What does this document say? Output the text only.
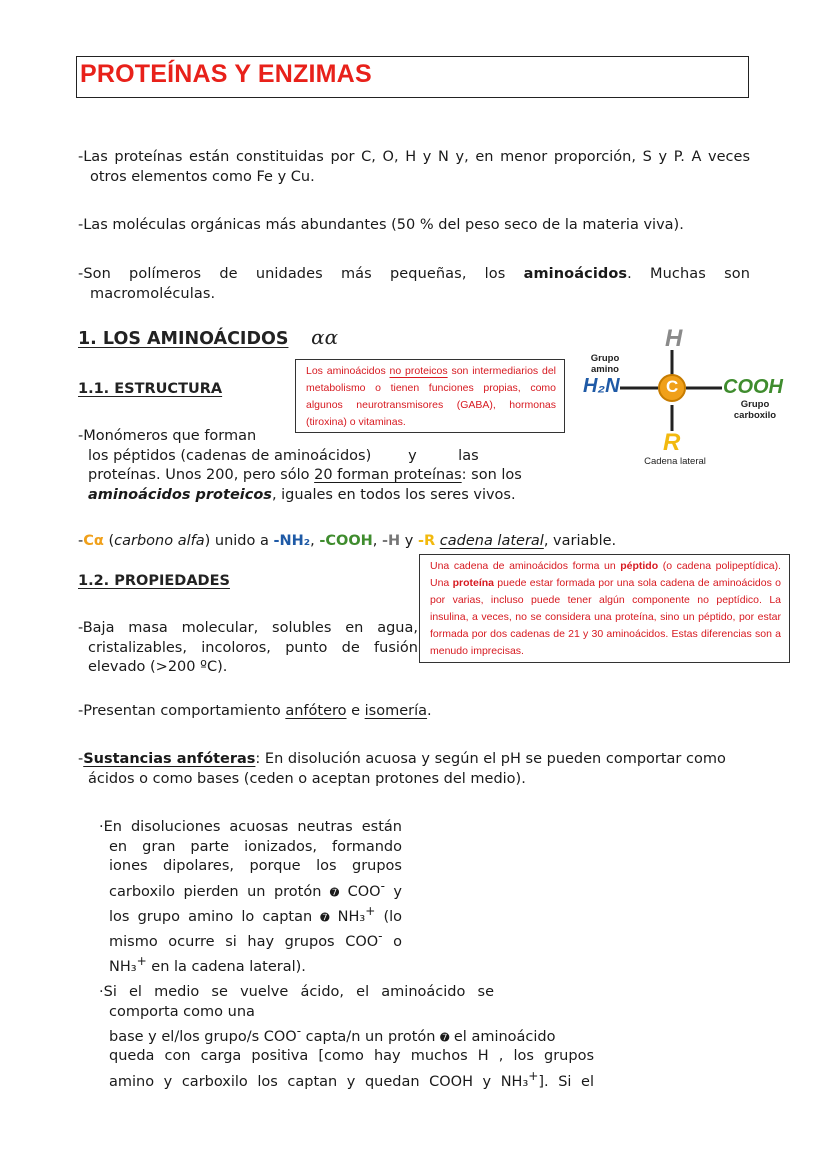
PROTEÍNAS Y ENZIMAS
-Las proteínas están constituidas por C, O, H y N y, en menor proporción, S y P. A veces otros elementos como Fe y Cu.
-Las moléculas orgánicas más abundantes (50 % del peso seco de la materia viva).
-Son polímeros de unidades más pequeñas, los aminoácidos. Muchas son macromoléculas.
1. LOS AMINOÁCIDOS αα
Los aminoácidos no proteicos son intermediarios del metabolismo o tienen funciones propias, como algunos neurotransmisores (GABA), hormonas (tiroxina) o vitaminas.
H
C
H₂N	COOH
R
Grupo amino
Grupo carboxilo
Cadena lateral
1.1. ESTRUCTURA
-Monómeros que forman
los péptidos (cadenas de aminoácidos)        y         las
proteínas. Unos 200, pero sólo 20 forman proteínas: son los
aminoácidos proteicos, iguales en todos los seres vivos.
-Cα (carbono alfa) unido a -NH₂, -COOH, -H y -R cadena lateral, variable.
Una cadena de aminoácidos forma un péptido (o cadena polipeptídica). Una proteína puede estar formada por una sola cadena de aminoácidos o por varias, incluso puede tener algún componente no peptídico. La insulina, a veces, no se considera una proteína, sino un péptido, por estar formada por dos cadenas de 21 y 30 aminoácidos. Estas diferencias son a menudo imprecisas.
1.2. PROPIEDADES
-Baja masa molecular, solubles en agua,
cristalizables, incoloros, punto de fusión
elevado (>200 ºC).
-Presentan comportamiento anfótero e isomería.
-Sustancias anfóteras: En disolución acuosa y según el pH se pueden comportar como ácidos o como bases (ceden o aceptan protones del medio).
·En disoluciones acuosas neutras están en gran parte ionizados, formando iones dipolares, porque los grupos carboxilo pierden un protón ➐ COO- y los grupo amino lo captan ➐ NH₃+ (lo mismo ocurre si hay grupos COO- o NH₃+ en la cadena lateral).
·Si el medio se vuelve ácido, el aminoácido se
comporta como una
base y el/los grupo/s COO- capta/n un protón ➐ el aminoácido
queda con carga positiva [como hay muchos H , los grupos
amino y carboxilo los captan y quedan COOH y NH₃+]. Si el
